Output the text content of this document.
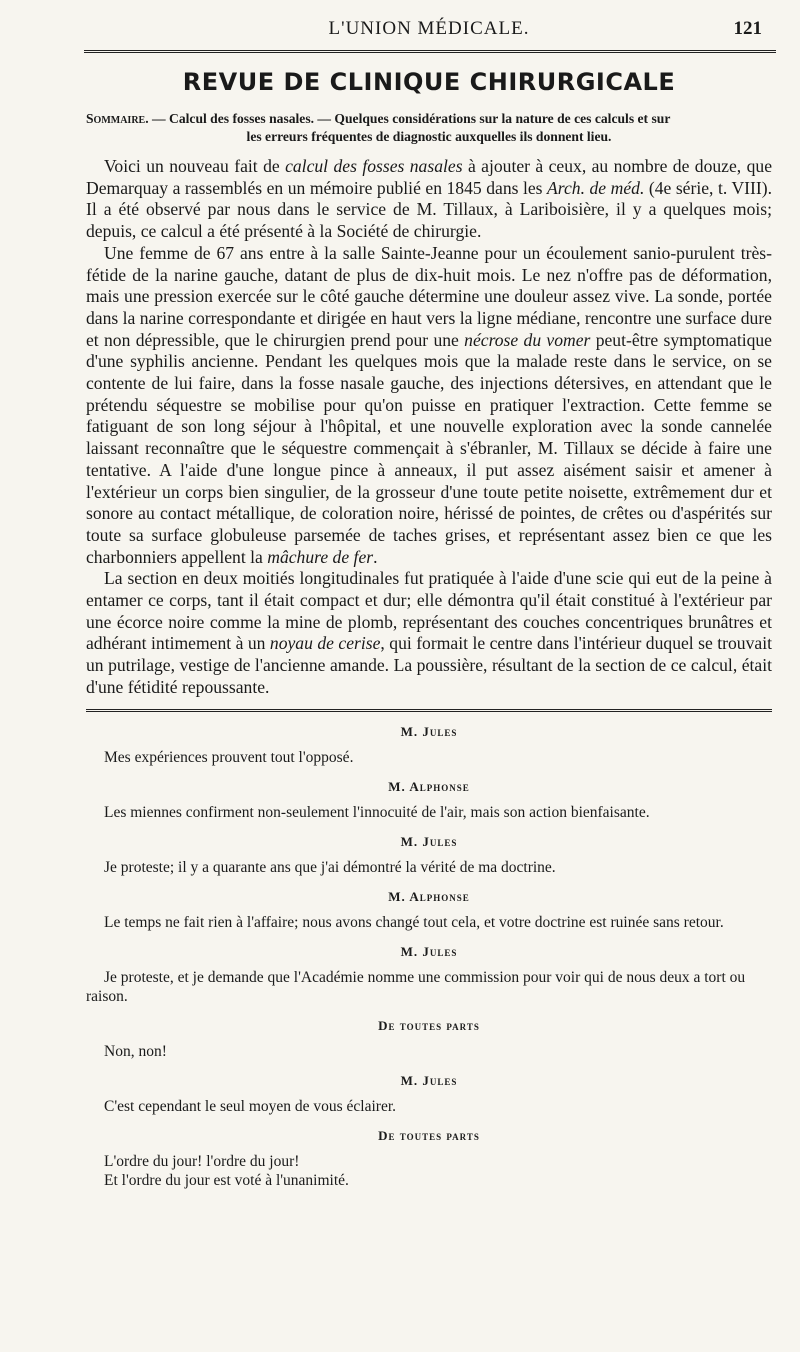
L'UNION MÉDICALE.	121
REVUE DE CLINIQUE CHIRURGICALE
Sommaire. — Calcul des fosses nasales. — Quelques considérations sur la nature de ces calculs et sur
les erreurs fréquentes de diagnostic auxquelles ils donnent lieu.

Voici un nouveau fait de calcul des fosses nasales à ajouter à ceux, au nombre de douze, que Demarquay a rassemblés en un mémoire publié en 1845 dans les Arch. de méd. (4e série, t. VIII). Il a été observé par nous dans le service de M. Tillaux, à Lariboisière, il y a quelques mois; depuis, ce calcul a été présenté à la Société de chirurgie.

Une femme de 67 ans entre à la salle Sainte-Jeanne pour un écoulement sanio-purulent très-fétide de la narine gauche, datant de plus de dix-huit mois. Le nez n'offre pas de déformation, mais une pression exercée sur le côté gauche détermine une douleur assez vive. La sonde, portée dans la narine correspondante et dirigée en haut vers la ligne médiane, rencontre une surface dure et non dépressible, que le chirurgien prend pour une nécrose du vomer peut-être symptomatique d'une syphilis ancienne. Pendant les quelques mois que la malade reste dans le service, on se contente de lui faire, dans la fosse nasale gauche, des injections détersives, en attendant que le prétendu séquestre se mobilise pour qu'on puisse en pratiquer l'extraction. Cette femme se fatiguant de son long séjour à l'hôpital, et une nouvelle exploration avec la sonde cannelée laissant reconnaître que le séquestre commençait à s'ébranler, M. Tillaux se décide à faire une tentative. A l'aide d'une longue pince à anneaux, il put assez aisément saisir et amener à l'extérieur un corps bien singulier, de la grosseur d'une toute petite noisette, extrêmement dur et sonore au contact métallique, de coloration noire, hérissé de pointes, de crêtes ou d'aspérités sur toute sa surface globuleuse parsemée de taches grises, et représentant assez bien ce que les charbonniers appellent la mâchure de fer.

La section en deux moitiés longitudinales fut pratiquée à l'aide d'une scie qui eut de la peine à entamer ce corps, tant il était compact et dur; elle démontra qu'il était constitué à l'extérieur par une écorce noire comme la mine de plomb, représentant des couches concentriques brunâtres et adhérant intimement à un noyau de cerise, qui formait le centre dans l'intérieur duquel se trouvait un putrilage, vestige de l'ancienne amande. La poussière, résultant de la section de ce calcul, était d'une fétidité repoussante.

M. Jules

Mes expériences prouvent tout l'opposé.

M. Alphonse

Les miennes confirment non-seulement l'innocuité de l'air, mais son action bienfaisante.

M. Jules

Je proteste; il y a quarante ans que j'ai démontré la vérité de ma doctrine.

M. Alphonse

Le temps ne fait rien à l'affaire; nous avons changé tout cela, et votre doctrine est ruinée sans retour.

M. Jules

Je proteste, et je demande que l'Académie nomme une commission pour voir qui de nous deux a tort ou raison.

De toutes parts

Non, non!

M. Jules

C'est cependant le seul moyen de vous éclairer.

De toutes parts

L'ordre du jour! l'ordre du jour!

Et l'ordre du jour est voté à l'unanimité.
